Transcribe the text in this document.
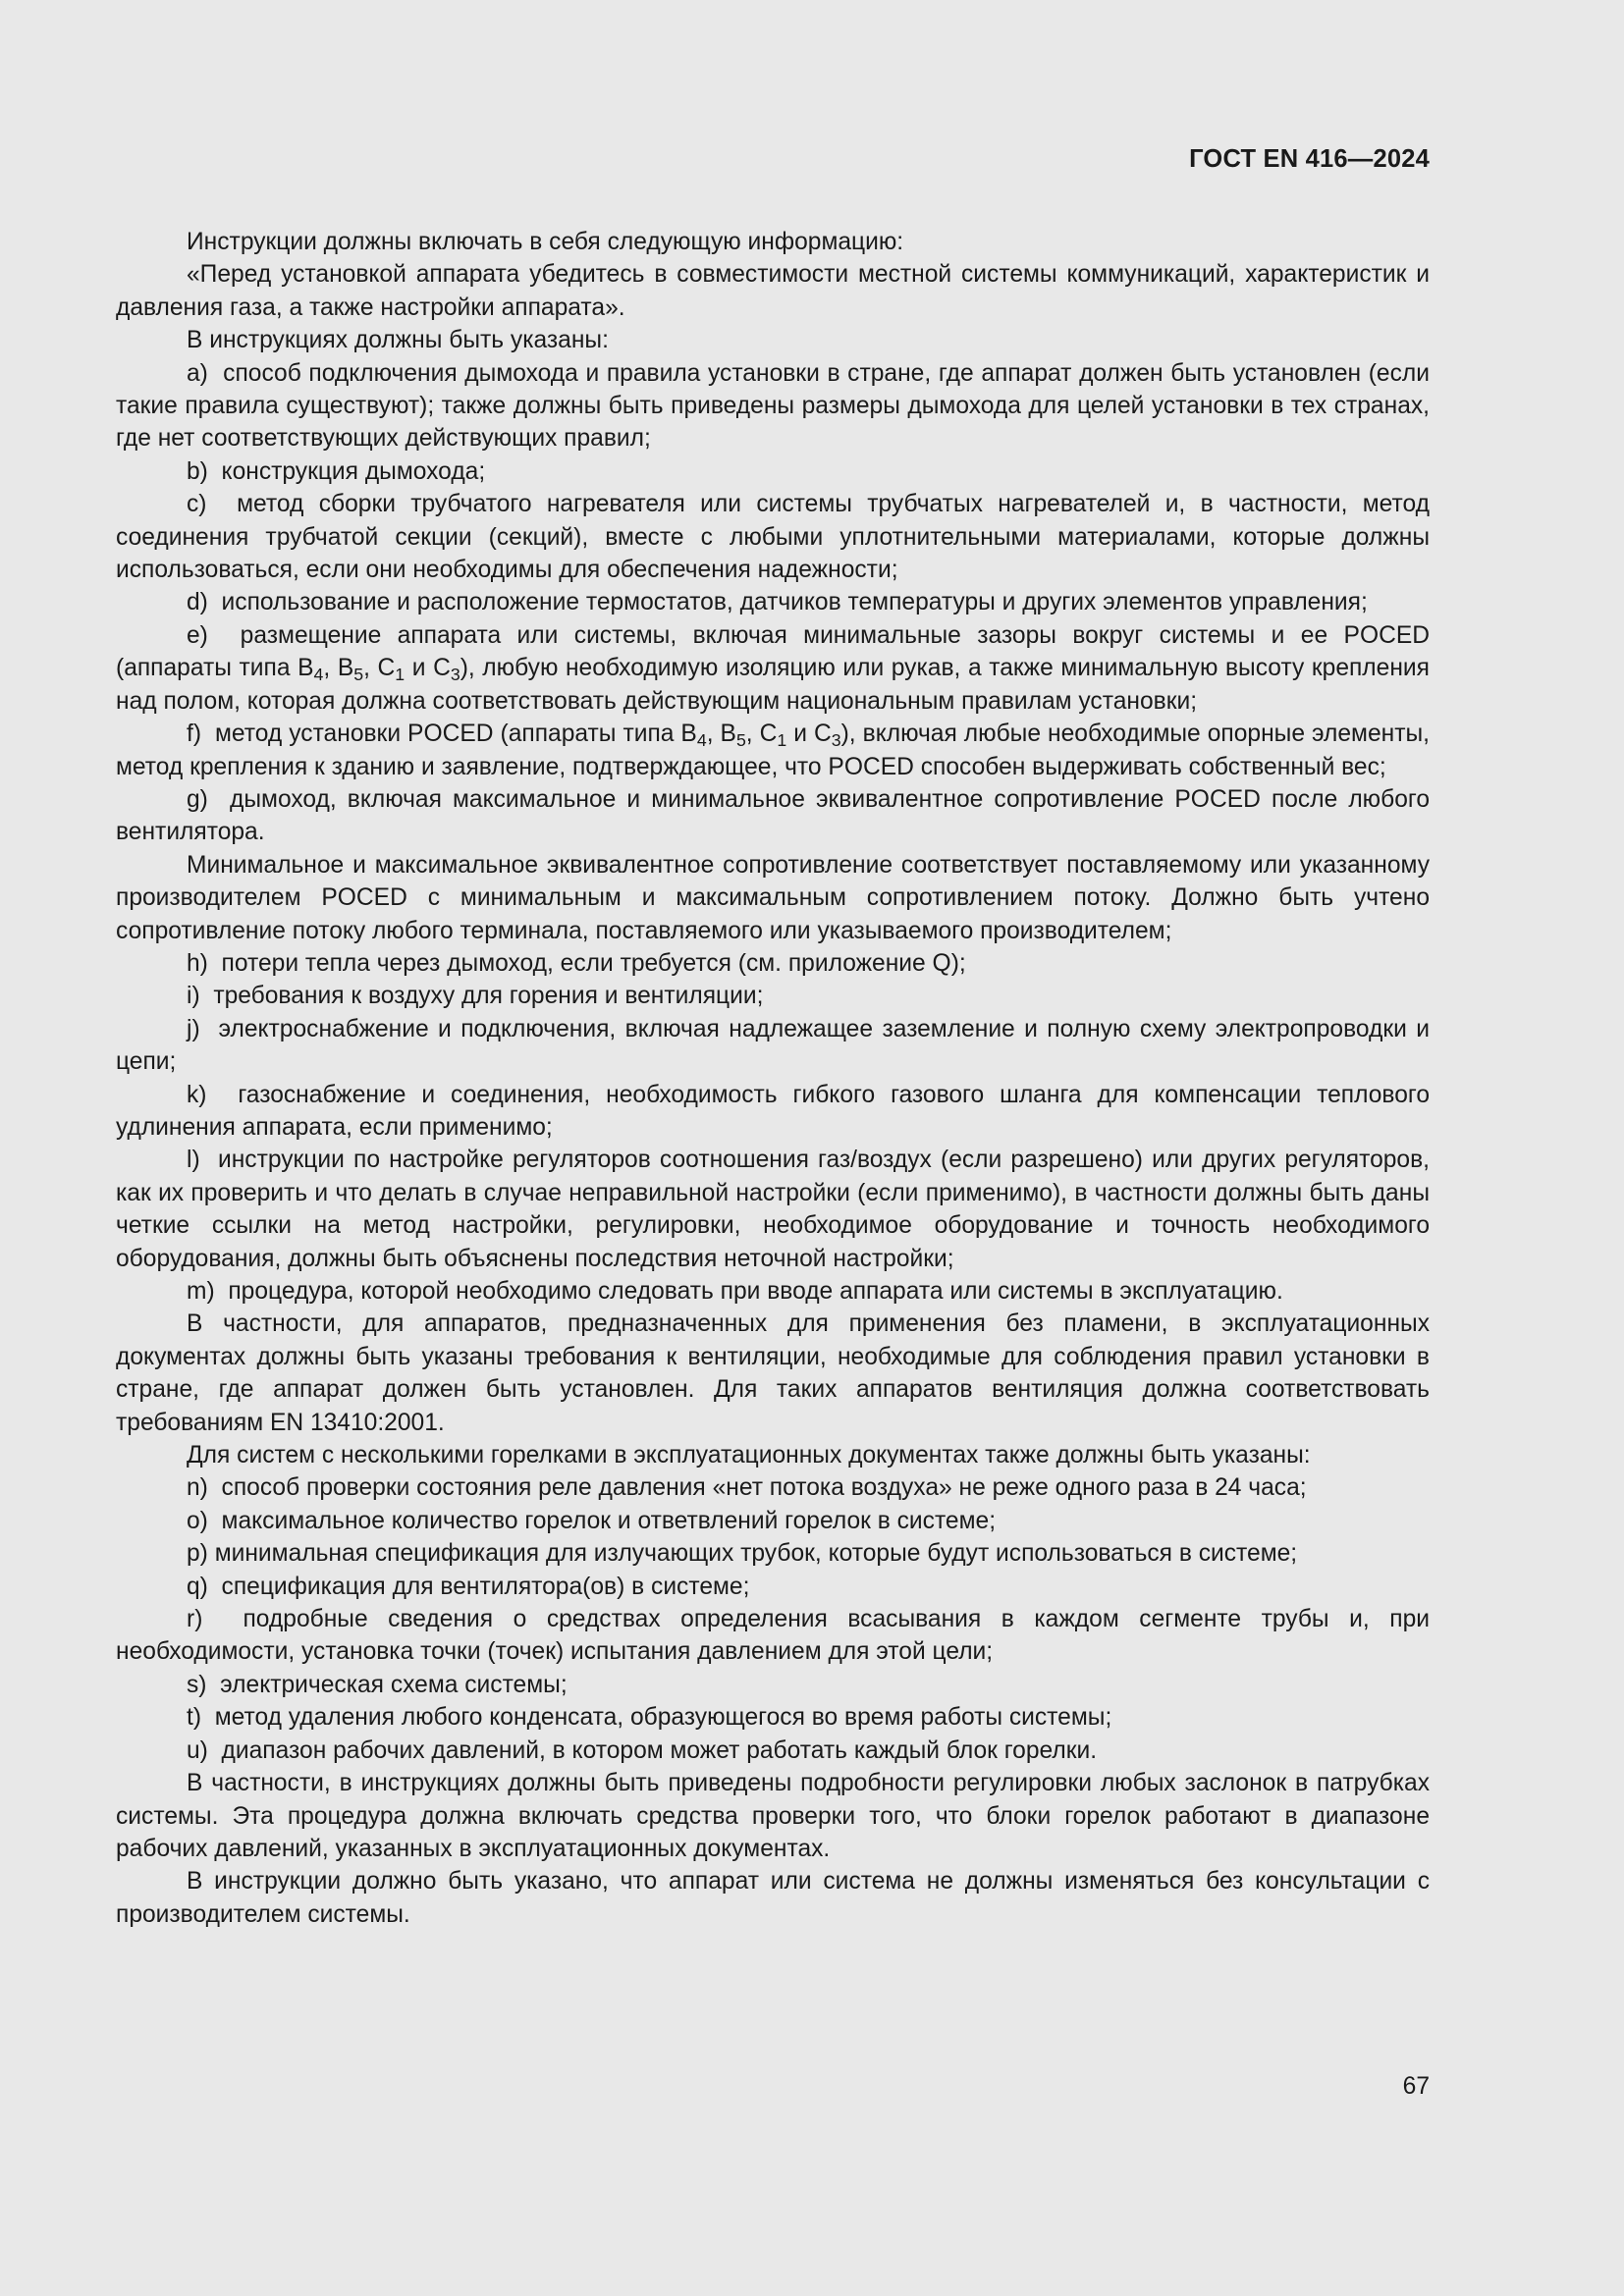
ГОСТ EN 416—2024

Инструкции должны включать в себя следующую информацию:

«Перед установкой аппарата убедитесь в совместимости местной системы коммуникаций, характеристик и давления газа, а также настройки аппарата».

В инструкциях должны быть указаны:

a)  способ подключения дымохода и правила установки в стране, где аппарат должен быть установлен (если такие правила существуют); также должны быть приведены размеры дымохода для целей установки в тех странах, где нет соответствующих действующих правил;

b)  конструкция дымохода;

c)  метод сборки трубчатого нагревателя или системы трубчатых нагревателей и, в частности, метод соединения трубчатой секции (секций), вместе с любыми уплотнительными материалами, которые должны использоваться, если они необходимы для обеспечения надежности;

d)  использование и расположение термостатов, датчиков температуры и других элементов управления;

e)  размещение аппарата или системы, включая минимальные зазоры вокруг системы и ее POCED (аппараты типа $B_4$, $B_5$, $C_1$ и $C_3$), любую необходимую изоляцию или рукав, а также минимальную высоту крепления над полом, которая должна соответствовать действующим национальным правилам установки;

f)  метод установки POCED (аппараты типа $B_4$, $B_5$, $C_1$ и $C_3$), включая любые необходимые опорные элементы, метод крепления к зданию и заявление, подтверждающее, что POCED способен выдерживать собственный вес;

g)  дымоход, включая максимальное и минимальное эквивалентное сопротивление POCED после любого вентилятора.

Минимальное и максимальное эквивалентное сопротивление соответствует поставляемому или указанному производителем POCED с минимальным и максимальным сопротивлением потоку. Должно быть учтено сопротивление потоку любого терминала, поставляемого или указываемого производителем;

h)  потери тепла через дымоход, если требуется (см. приложение Q);

i)  требования к воздуху для горения и вентиляции;

j)  электроснабжение и подключения, включая надлежащее заземление и полную схему электропроводки и цепи;

k)  газоснабжение и соединения, необходимость гибкого газового шланга для компенсации теплового удлинения аппарата, если применимо;

l)  инструкции по настройке регуляторов соотношения газ/воздух (если разрешено) или других регуляторов, как их проверить и что делать в случае неправильной настройки (если применимо), в частности должны быть даны четкие ссылки на метод настройки, регулировки, необходимое оборудование и точность необходимого оборудования, должны быть объяснены последствия неточной настройки;

m)  процедура, которой необходимо следовать при вводе аппарата или системы в эксплуатацию.

В частности, для аппаратов, предназначенных для применения без пламени, в эксплуатационных документах должны быть указаны требования к вентиляции, необходимые для соблюдения правил установки в стране, где аппарат должен быть установлен. Для таких аппаратов вентиляция должна соответствовать требованиям EN 13410:2001.

Для систем с несколькими горелками в эксплуатационных документах также должны быть указаны:

n)  способ проверки состояния реле давления «нет потока воздуха» не реже одного раза в 24 часа;

o)  максимальное количество горелок и ответвлений горелок в системе;

p) минимальная спецификация для излучающих трубок, которые будут использоваться в системе;

q)  спецификация для вентилятора(ов) в системе;

r)  подробные сведения о средствах определения всасывания в каждом сегменте трубы и, при необходимости, установка точки (точек) испытания давлением для этой цели;

s)  электрическая схема системы;

t)  метод удаления любого конденсата, образующегося во время работы системы;

u)  диапазон рабочих давлений, в котором может работать каждый блок горелки.

В частности, в инструкциях должны быть приведены подробности регулировки любых заслонок в патрубках системы. Эта процедура должна включать средства проверки того, что блоки горелок работают в диапазоне рабочих давлений, указанных в эксплуатационных документах.

В инструкции должно быть указано, что аппарат или система не должны изменяться без консультации с производителем системы.

67
